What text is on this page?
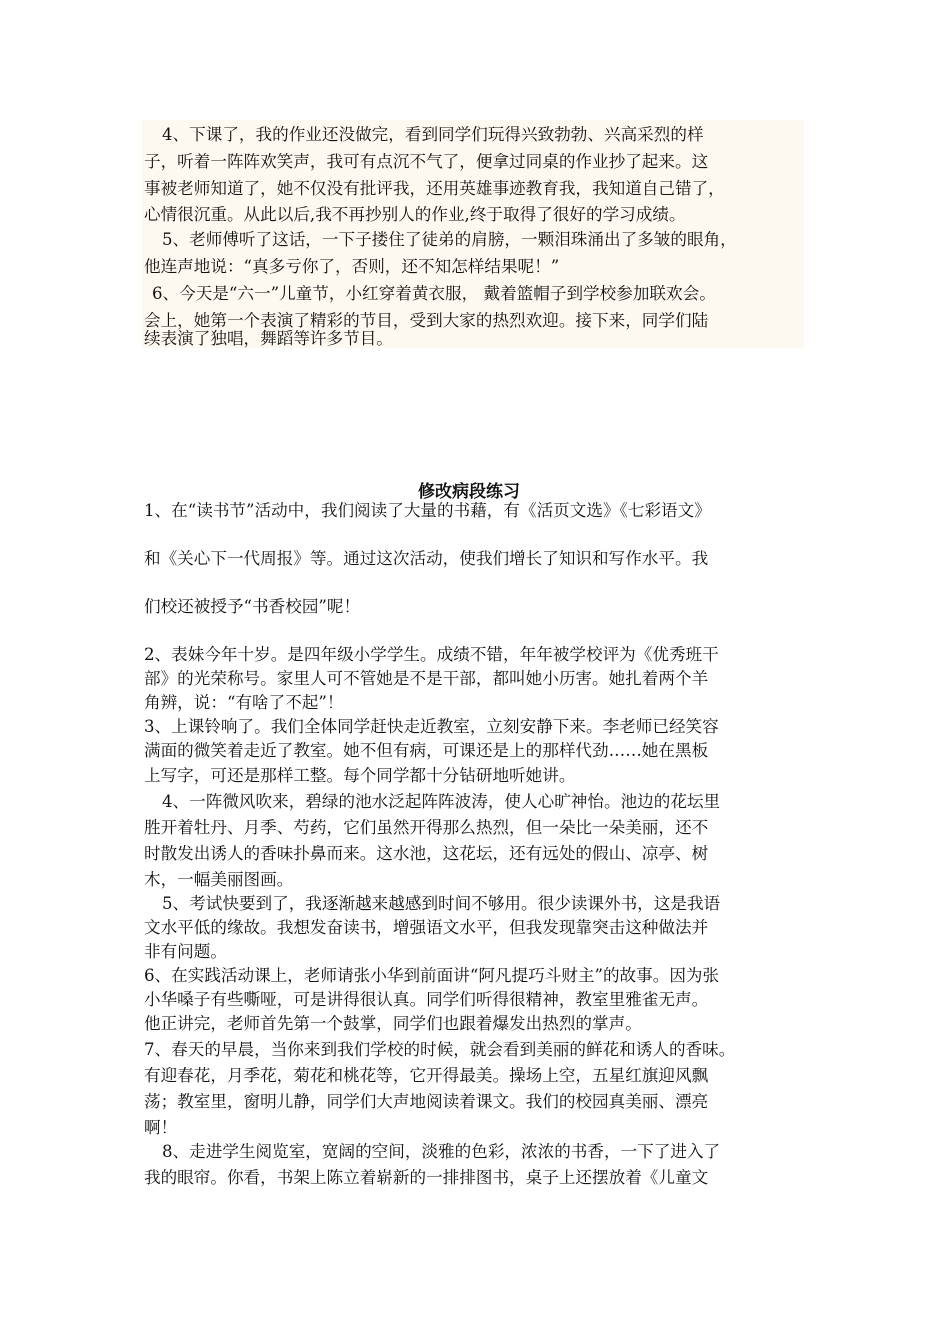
4、下课了，我的作业还没做完，看到同学们玩得兴致勃勃、兴高采烈的样
子，听着一阵阵欢笑声，我可有点沉不气了，便拿过同桌的作业抄了起来。这
事被老师知道了，她不仅没有批评我，还用英雄事迹教育我，我知道自己错了，
心情很沉重。从此以后,我不再抄别人的作业,终于取得了很好的学习成绩。
5、老师傅听了这话，一下子搂住了徒弟的肩膀，一颗泪珠涌出了多皱的眼角，
他连声地说：“真多亏你了，否则，还不知怎样结果呢！”
6、今天是“六一”儿童节，小红穿着黄衣服， 戴着篮帽子到学校参加联欢会。
会上，她第一个表演了精彩的节目，受到大家的热烈欢迎。接下来，同学们陆
续表演了独唱，舞蹈等许多节目。
修改病段练习
1、在“读书节”活动中，我们阅读了大量的书藉，有《活页文选》《七彩语文》
和《关心下一代周报》等。通过这次活动，使我们增长了知识和写作水平。我
们校还被授予“书香校园”呢！
2、表妹今年十岁。是四年级小学学生。成绩不错，年年被学校评为《优秀班干
部》的光荣称号。家里人可不管她是不是干部，都叫她小历害。她扎着两个羊
角辨，说：“有啥了不起”！
3、上课铃响了。我们全体同学赶快走近教室，立刻安静下来。李老师已经笑容
满面的微笑着走近了教室。她不但有病，可课还是上的那样代劲……她在黑板
上写字，可还是那样工整。每个同学都十分钻研地听她讲。
4、一阵微风吹来，碧绿的池水泛起阵阵波涛，使人心旷神怡。池边的花坛里
胜开着牡丹、月季、芍药，它们虽然开得那么热烈，但一朵比一朵美丽，还不
时散发出诱人的香味扑鼻而来。这水池，这花坛，还有远处的假山、凉亭、树
木，一幅美丽图画。
5、考试快要到了，我逐渐越来越感到时间不够用。很少读课外书，这是我语
文水平低的缘故。我想发奋读书，增强语文水平，但我发现靠突击这种做法并
非有问题。
6、在实践活动课上，老师请张小华到前面讲“阿凡提巧斗财主”的故事。因为张
小华嗓子有些嘶哑，可是讲得很认真。同学们听得很精神，教室里雅雀无声。
他正讲完，老师首先第一个鼓掌，同学们也跟着爆发出热烈的掌声。
7、春天的早晨，当你来到我们学校的时候，就会看到美丽的鲜花和诱人的香味。
有迎春花，月季花，菊花和桃花等，它开得最美。操场上空，五星红旗迎风飘
荡；教室里，窗明儿静，同学们大声地阅读着课文。我们的校园真美丽、漂亮
啊！
8、走进学生阅览室，宽阔的空间，淡雅的色彩，浓浓的书香，一下了进入了
我的眼帘。你看，书架上陈立着崭新的一排排图书，桌子上还摆放着《儿童文
